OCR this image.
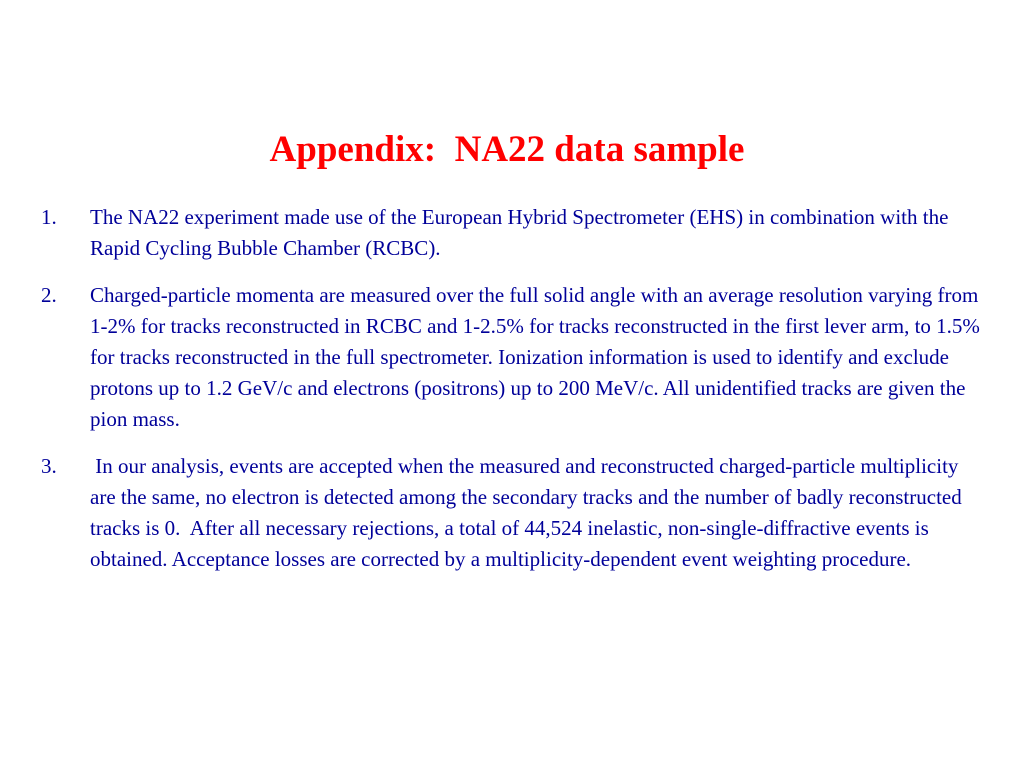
Appendix:  NA22 data sample
1. The NA22 experiment made use of the European Hybrid Spectrometer (EHS) in combination with the Rapid Cycling Bubble Chamber (RCBC).
2. Charged-particle momenta are measured over the full solid angle with an average resolution varying from 1-2% for tracks reconstructed in RCBC and 1-2.5% for tracks reconstructed in the first lever arm, to 1.5% for tracks reconstructed in the full spectrometer. Ionization information is used to identify and exclude protons up to 1.2 GeV/c and electrons (positrons) up to 200 MeV/c. All unidentified tracks are given the pion mass.
3. In our analysis, events are accepted when the measured and reconstructed charged-particle multiplicity are the same, no electron is detected among the secondary tracks and the number of badly reconstructed tracks is 0.  After all necessary rejections, a total of 44,524 inelastic, non-single-diffractive events is obtained. Acceptance losses are corrected by a multiplicity-dependent event weighting procedure.
